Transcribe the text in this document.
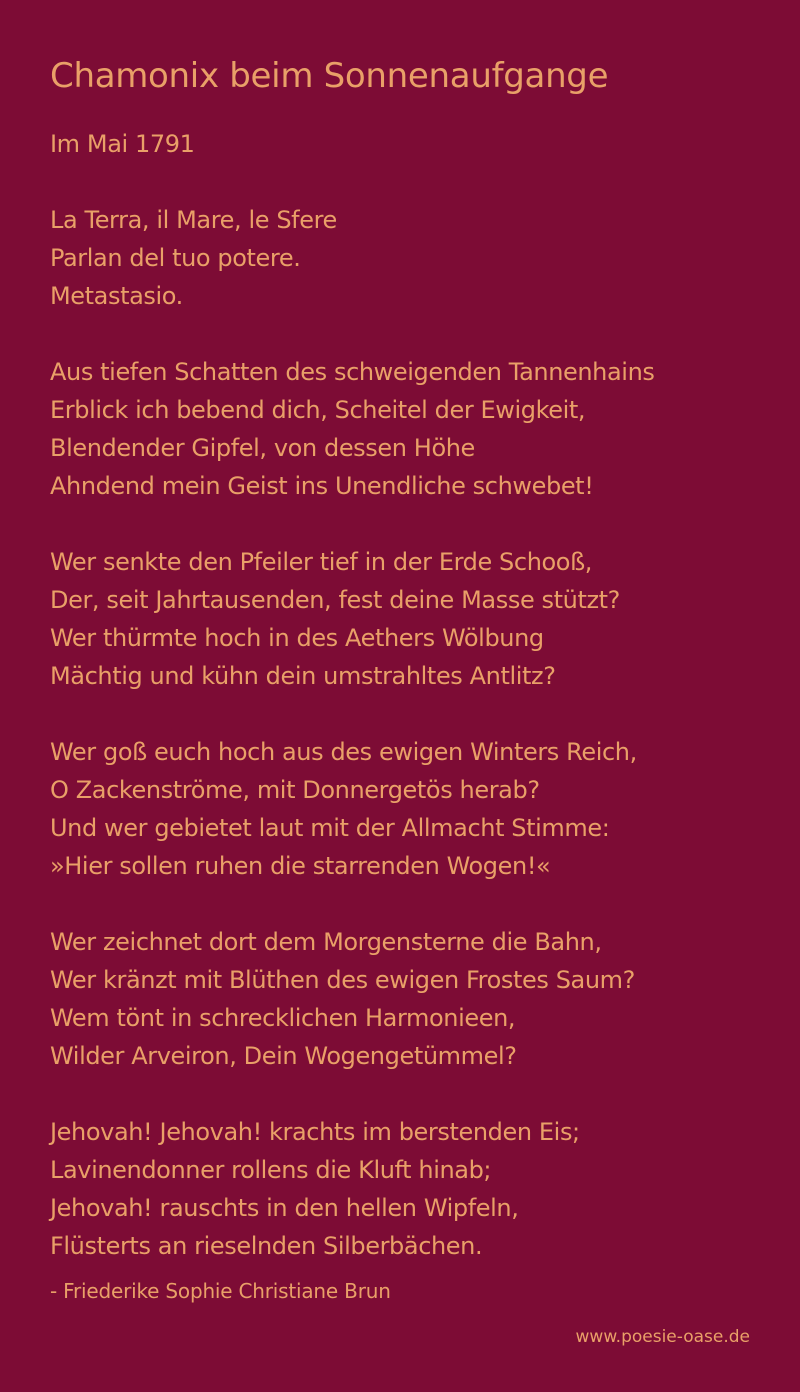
Chamonix beim Sonnenaufgange
Im Mai 1791
La Terra, il Mare, le Sfere
Parlan del tuo potere.
Metastasio.
Aus tiefen Schatten des schweigenden Tannenhains
Erblick ich bebend dich, Scheitel der Ewigkeit,
Blendender Gipfel, von dessen Höhe
Ahndend mein Geist ins Unendliche schwebet!
Wer senkte den Pfeiler tief in der Erde Schooß,
Der, seit Jahrtausenden, fest deine Masse stützt?
Wer thürmte hoch in des Aethers Wölbung
Mächtig und kühn dein umstrahltes Antlitz?
Wer goß euch hoch aus des ewigen Winters Reich,
O Zackenströme, mit Donnergetös herab?
Und wer gebietet laut mit der Allmacht Stimme:
»Hier sollen ruhen die starrenden Wogen!«
Wer zeichnet dort dem Morgensterne die Bahn,
Wer kränzt mit Blüthen des ewigen Frostes Saum?
Wem tönt in schrecklichen Harmonieen,
Wilder Arveiron, Dein Wogengetümmel?
Jehovah! Jehovah! krachts im berstenden Eis;
Lavinendonner rollens die Kluft hinab;
Jehovah! rauschts in den hellen Wipfeln,
Flüsterts an rieselnden Silberbächen.
- Friederike Sophie Christiane Brun
www.poesie-oase.de
